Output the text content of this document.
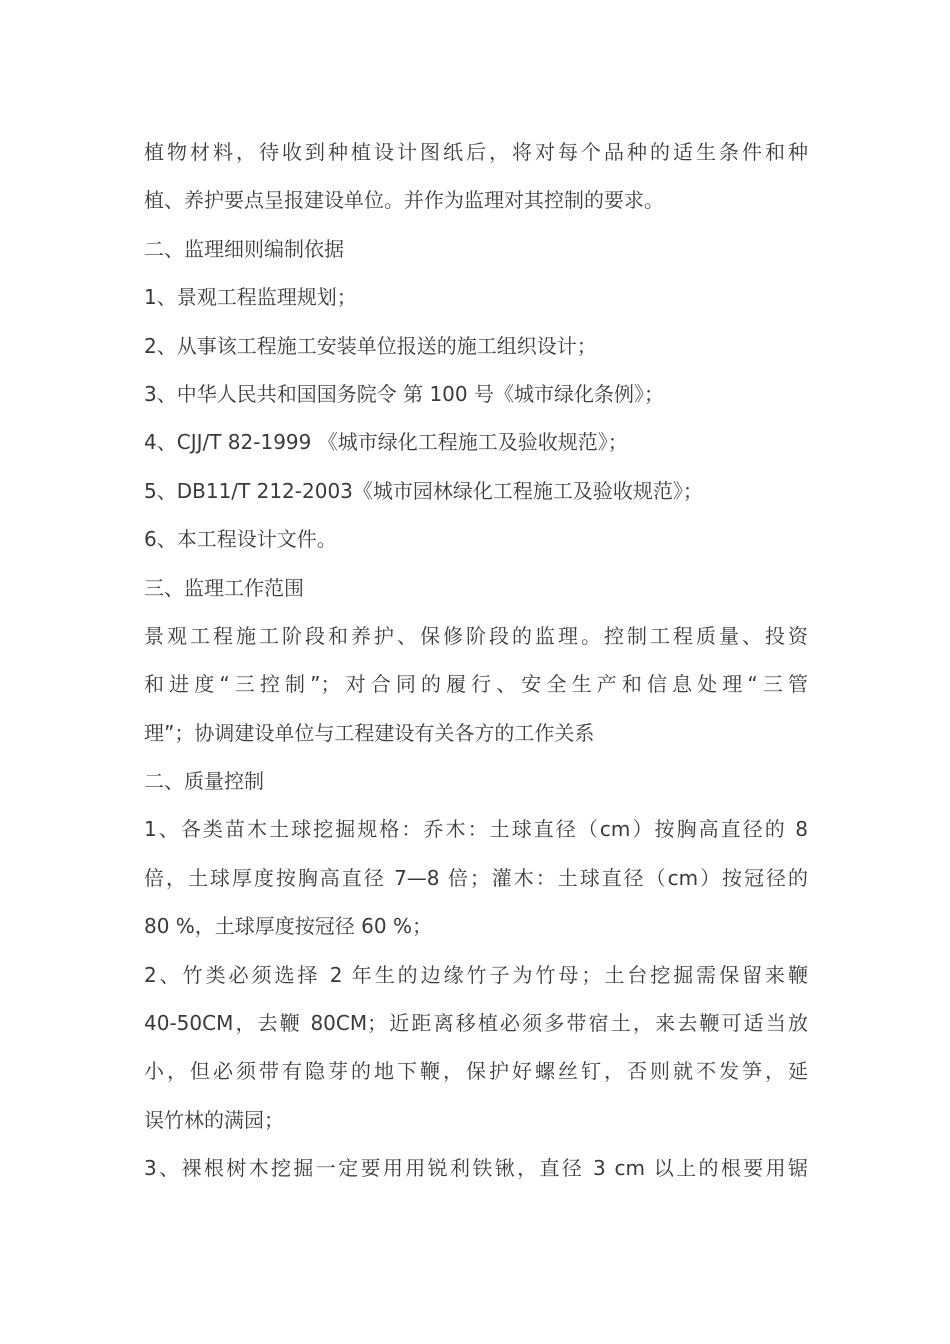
植物材料，待收到种植设计图纸后，将对每个品种的适生条件和种
植、养护要点呈报建设单位。并作为监理对其控制的要求。
二、监理细则编制依据
1、景观工程监理规划；
2、从事该工程施工安装单位报送的施工组织设计；
3、中华人民共和国国务院令 第 100 号《城市绿化条例》；
4、CJJ/T 82-1999 《城市绿化工程施工及验收规范》；
5、DB11/T 212-2003《城市园林绿化工程施工及验收规范》；
6、本工程设计文件。
三、监理工作范围
景观工程施工阶段和养护、保修阶段的监理。控制工程质量、投资
和进度“三控制”；对合同的履行、安全生产和信息处理“三管
理”；协调建设单位与工程建设有关各方的工作关系
二、质量控制
1、各类苗木土球挖掘规格：乔木：土球直径（cm）按胸高直径的 8
倍，土球厚度按胸高直径 7—8 倍；灌木：土球直径（cm）按冠径的
80 %，土球厚度按冠径 60 %；
2、竹类必须选择 2 年生的边缘竹子为竹母；土台挖掘需保留来鞭
40-50CM，去鞭 80CM；近距离移植必须多带宿土，来去鞭可适当放
小，但必须带有隐芽的地下鞭，保护好螺丝钉，否则就不发笋，延
误竹林的满园；
3、裸根树木挖掘一定要用用锐利铁锹，直径 3 cm 以上的根要用锯
